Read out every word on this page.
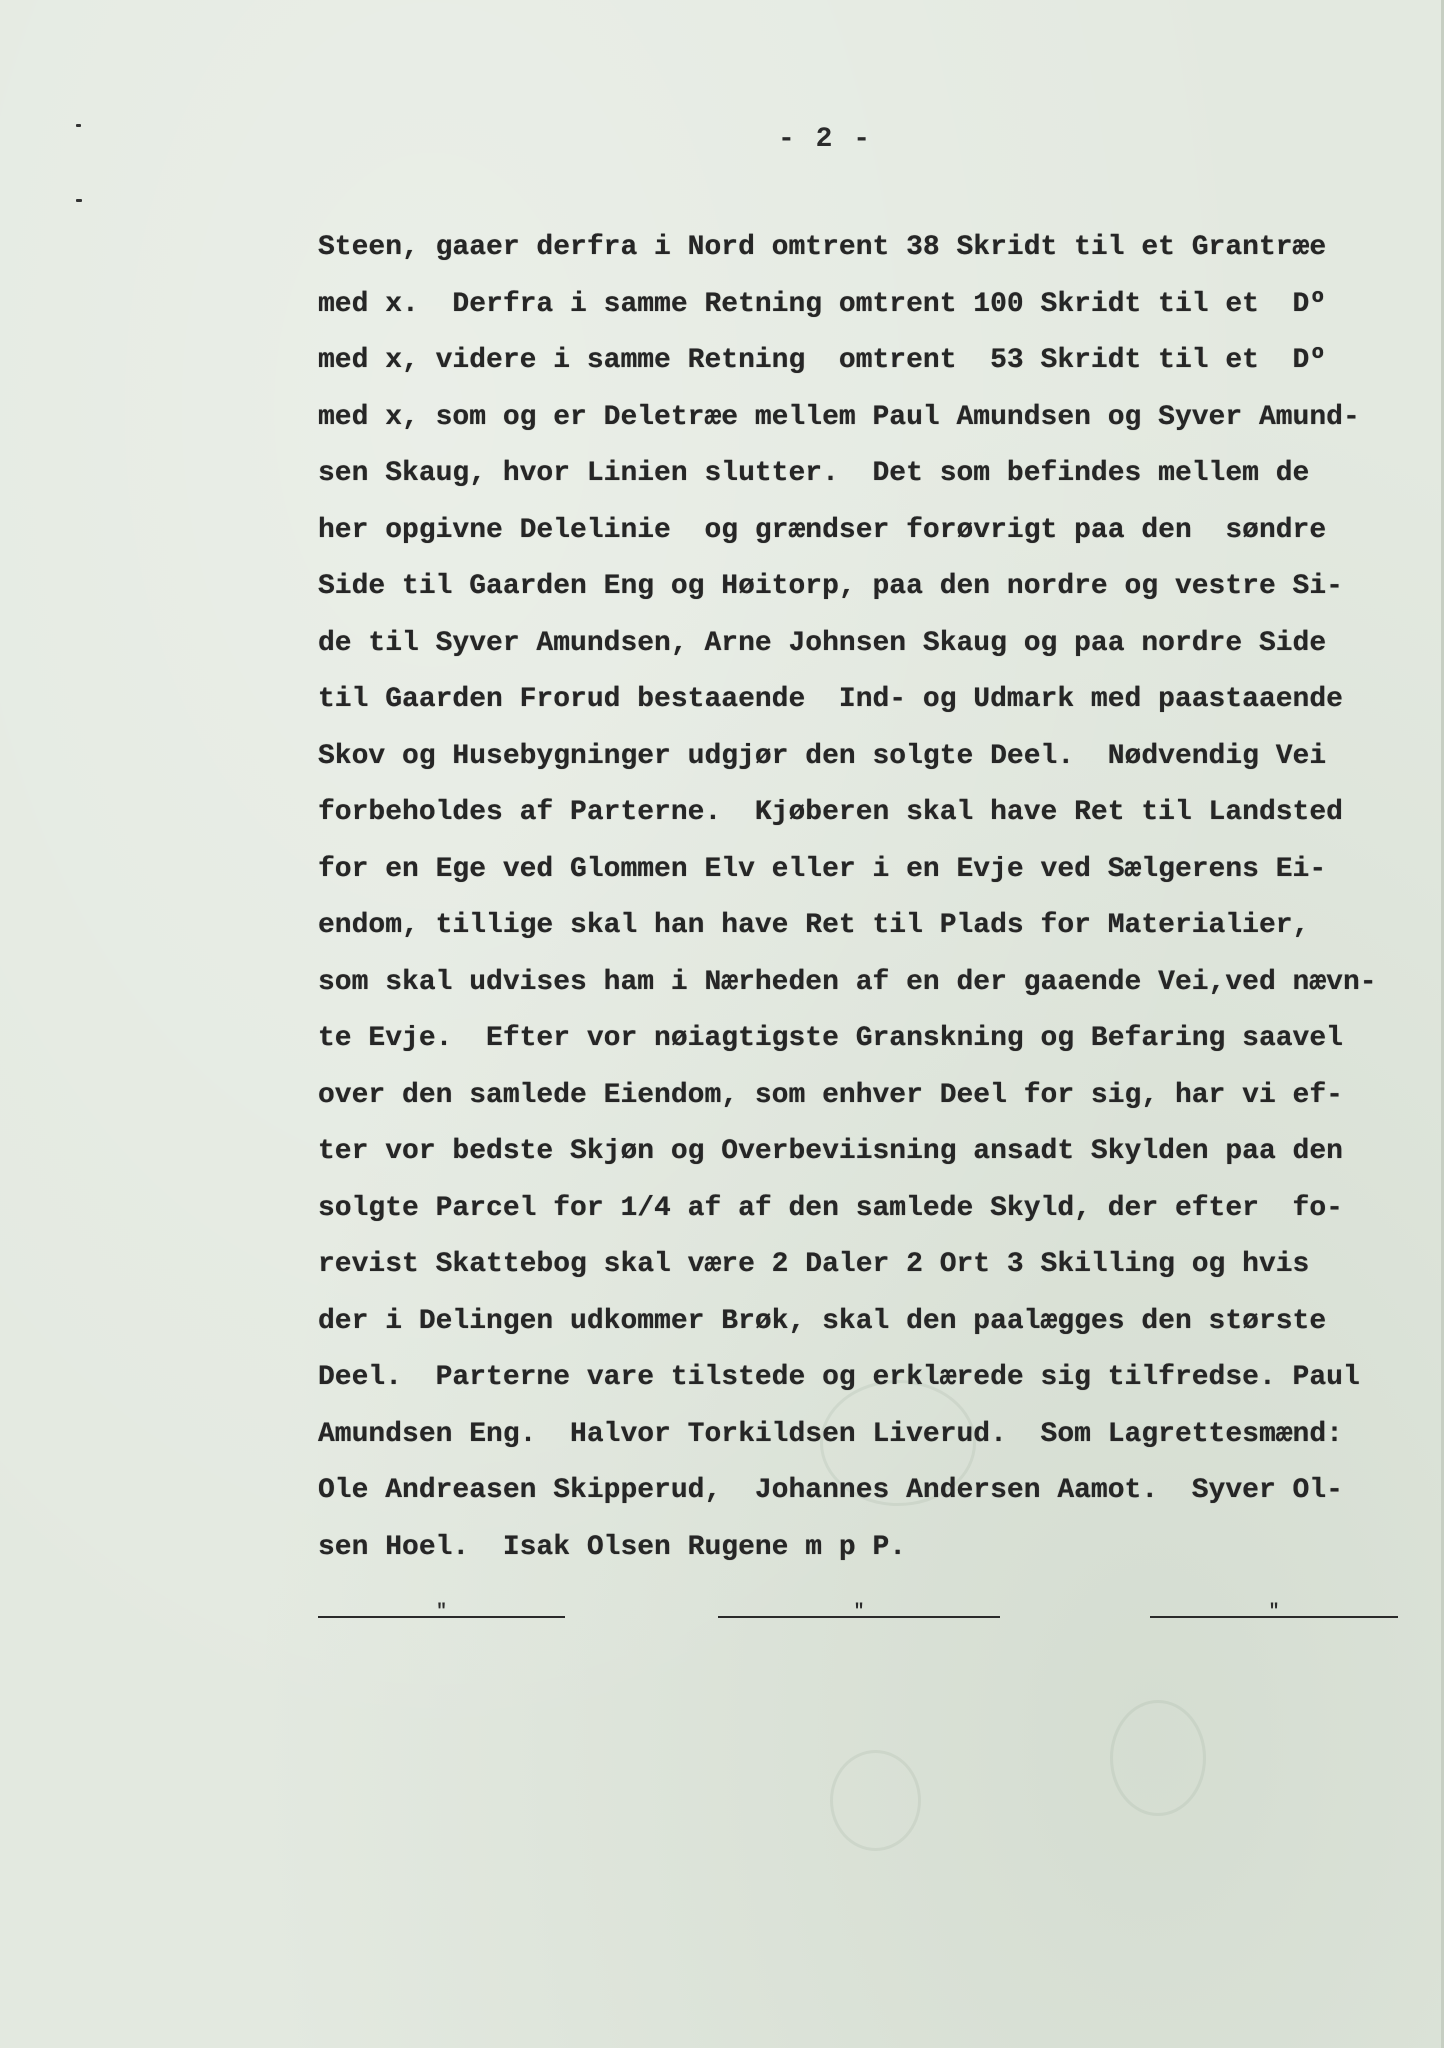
- 2 -
Steen, gaaer derfra i Nord omtrent 38 Skridt til et Grantræe
med x.  Derfra i samme Retning omtrent 100 Skridt til et  Dº
med x, videre i samme Retning  omtrent  53 Skridt til et  Dº
med x, som og er Deletræe mellem Paul Amundsen og Syver Amund-
sen Skaug, hvor Linien slutter.  Det som befindes mellem de
her opgivne Delelinie  og grændser forøvrigt paa den  søndre
Side til Gaarden Eng og Høitorp, paa den nordre og vestre Si-
de til Syver Amundsen, Arne Johnsen Skaug og paa nordre Side
til Gaarden Frorud bestaaende  Ind- og Udmark med paastaaende
Skov og Husebygninger udgjør den solgte Deel.  Nødvendig Vei
forbeholdes af Parterne.  Kjøberen skal have Ret til Landsted
for en Ege ved Glommen Elv eller i en Evje ved Sælgerens Ei-
endom, tillige skal han have Ret til Plads for Materialier,
som skal udvises ham i Nærheden af en der gaaende Vei,ved nævn-
te Evje.  Efter vor nøiagtigste Granskning og Befaring saavel
over den samlede Eiendom, som enhver Deel for sig, har vi ef-
ter vor bedste Skjøn og Overbeviisning ansadt Skylden paa den
solgte Parcel for 1/4 af af den samlede Skyld, der efter  fo-
revist Skattebog skal være 2 Daler 2 Ort 3 Skilling og hvis
der i Delingen udkommer Brøk, skal den paalægges den største
Deel.  Parterne vare tilstede og erklærede sig tilfredse. Paul
Amundsen Eng.  Halvor Torkildsen Liverud.  Som Lagrettesmænd:
Ole Andreasen Skipperud,  Johannes Andersen Aamot.  Syver Ol-
sen Hoel.  Isak Olsen Rugene m p P.
"	"	"
